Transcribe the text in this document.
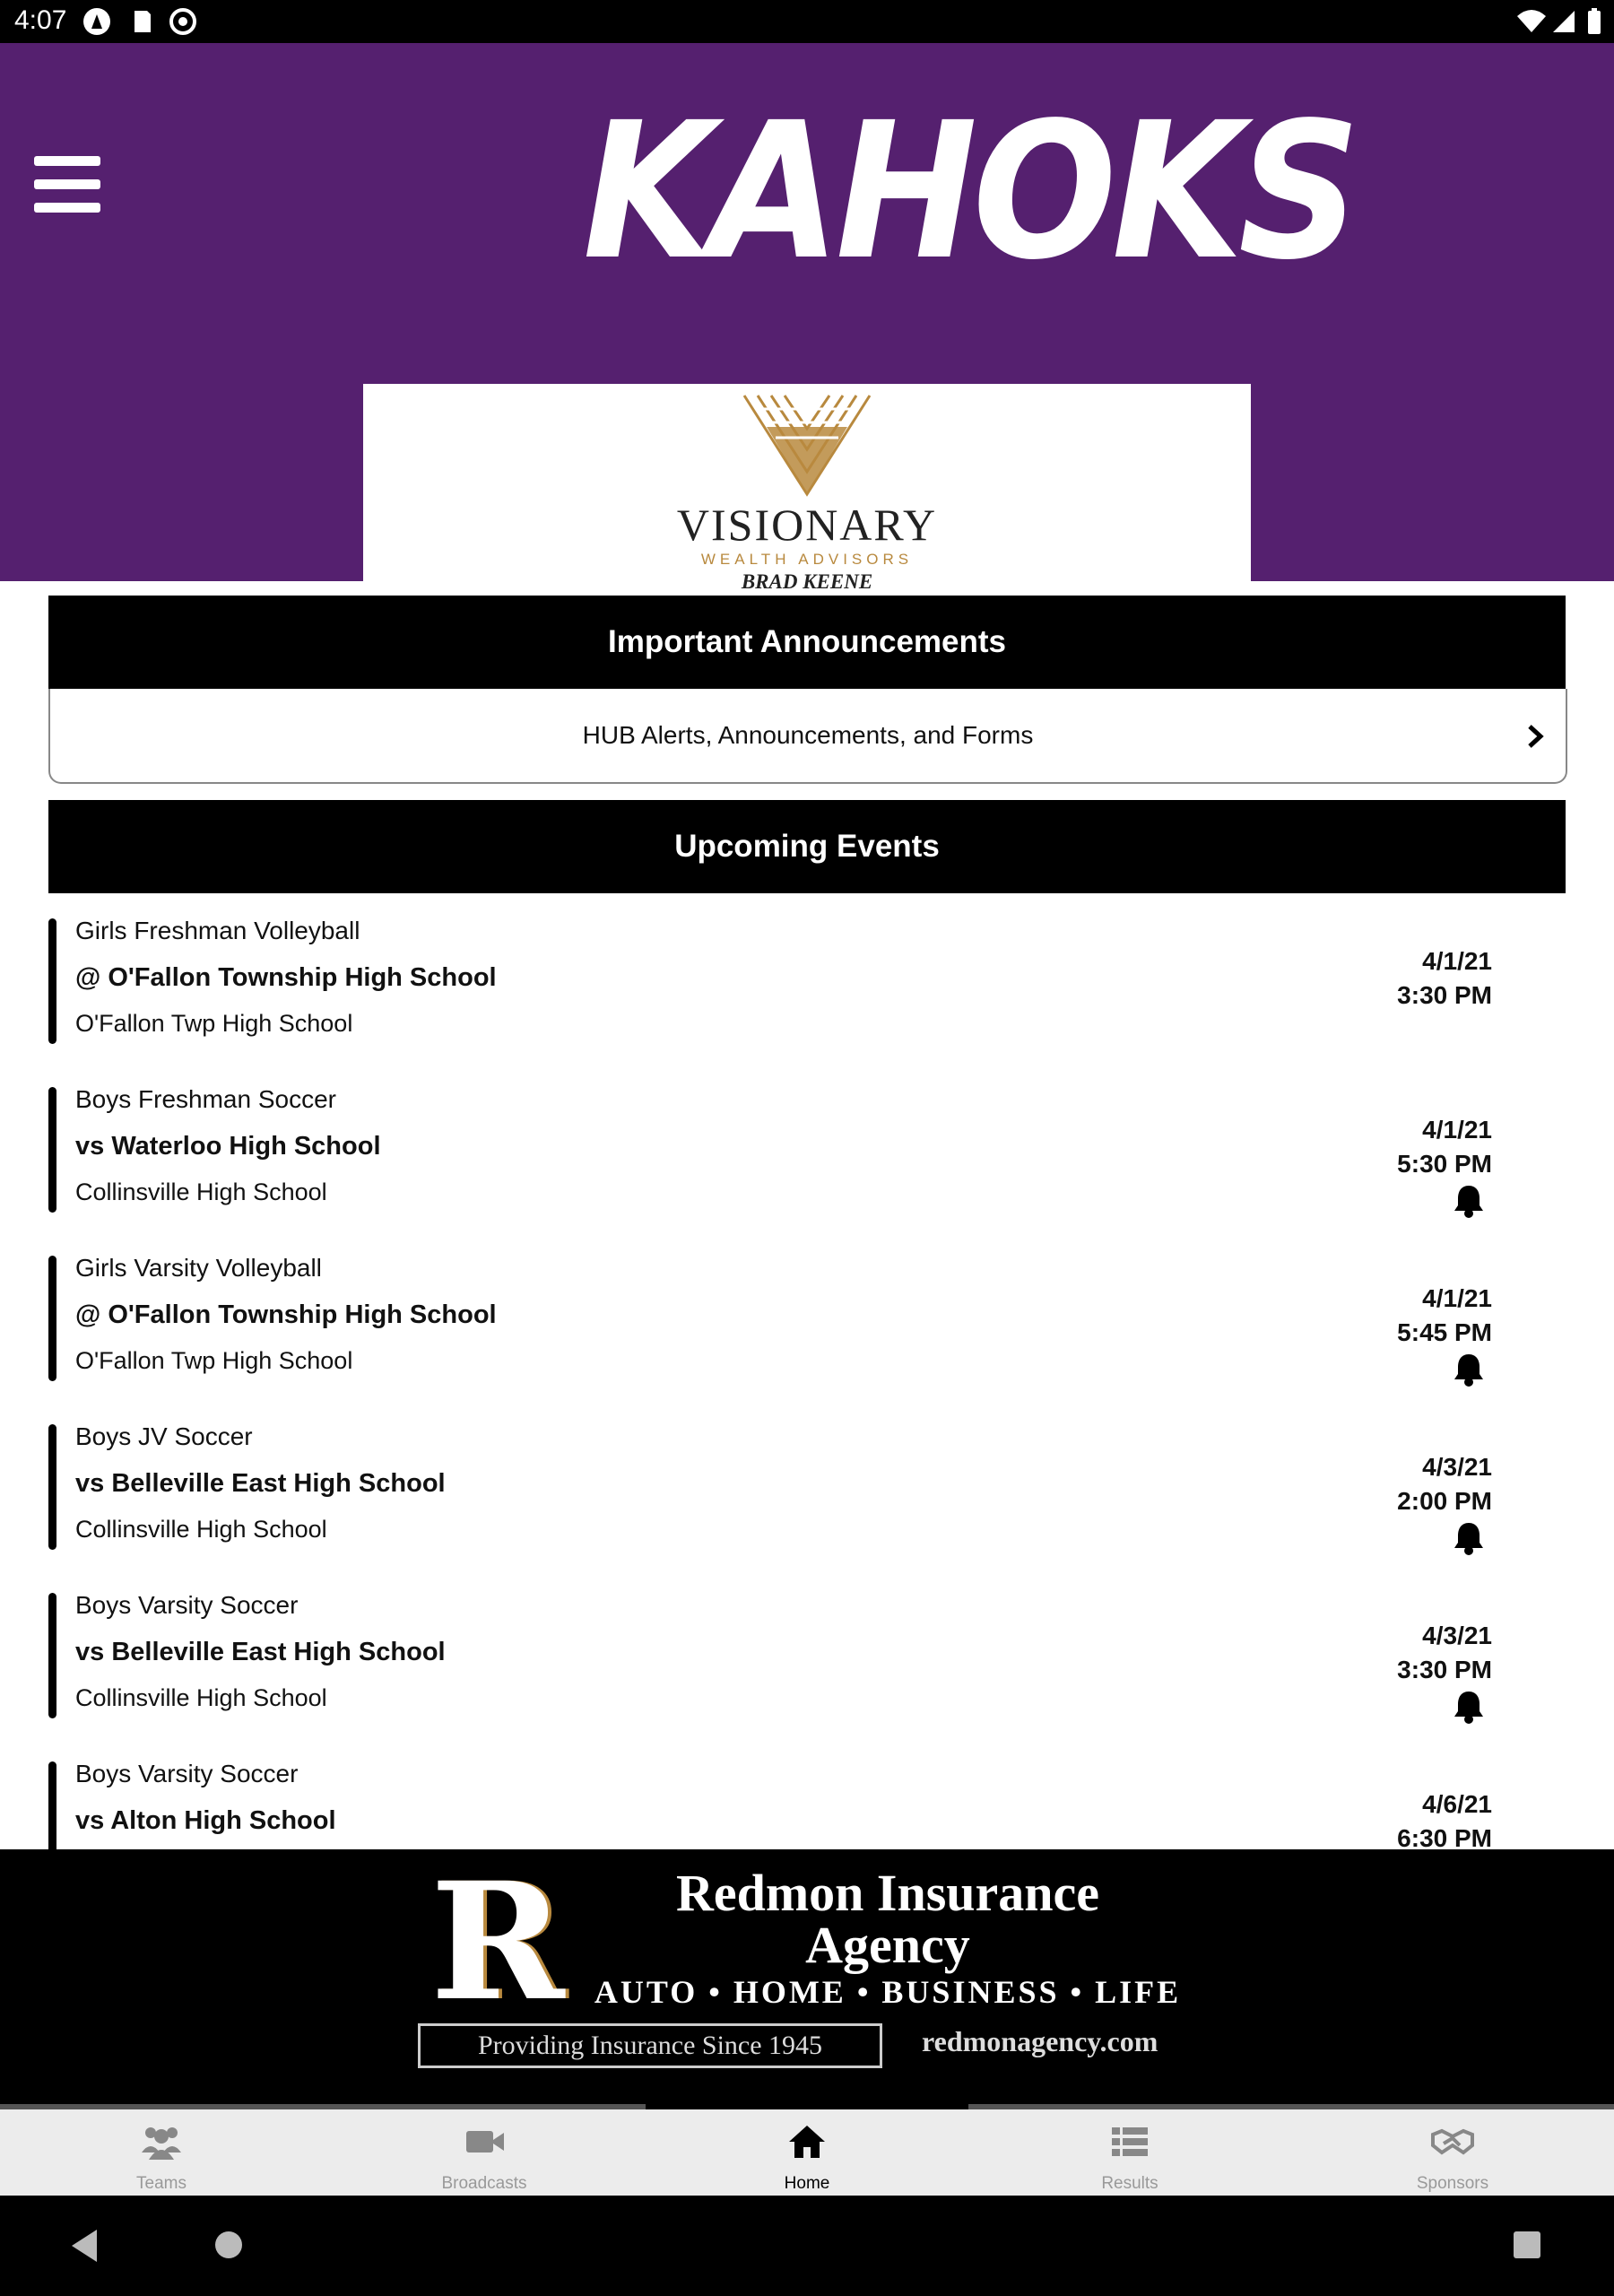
4:07
KAHOKS
VISIONARY
WEALTH ADVISORS
BRAD KEENE
Important Announcements
HUB Alerts, Announcements, and Forms
Upcoming Events
Girls Freshman Volleyball
@ O'Fallon Township High School
O'Fallon Twp High School
4/1/21
3:30 PM
Boys Freshman Soccer
vs Waterloo High School
Collinsville High School
4/1/21
5:30 PM
Girls Varsity Volleyball
@ O'Fallon Township High School
O'Fallon Twp High School
4/1/21
5:45 PM
Boys JV Soccer
vs Belleville East High School
Collinsville High School
4/3/21
2:00 PM
Boys Varsity Soccer
vs Belleville East High School
Collinsville High School
4/3/21
3:30 PM
Boys Varsity Soccer
vs Alton High School
4/6/21
6:30 PM
R	Redmon Insurance
Agency
AUTO • HOME • BUSINESS • LIFE
Providing Insurance Since 1945	redmonagency.com
Teams	Broadcasts	Home	Results	Sponsors
